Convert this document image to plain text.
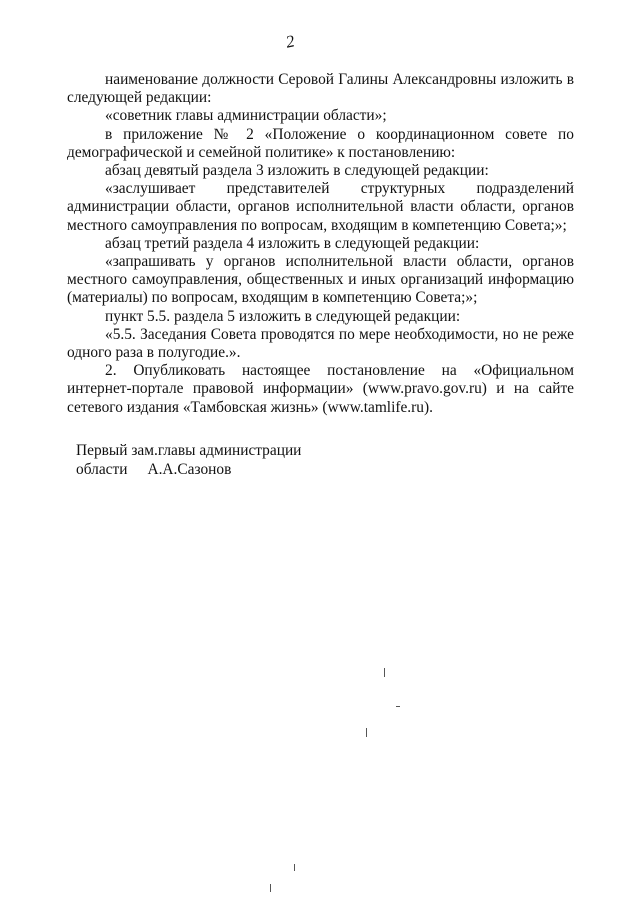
2

наименование должности Серовой Галины Александровны изложить в следующей редакции:

«советник главы администрации области»;

в приложение № 2 «Положение о координационном совете по демографической и семейной политике» к постановлению:

абзац девятый раздела 3 изложить в следующей редакции:

«заслушивает представителей структурных подразделений администрации области, органов исполнительной власти области, органов местного самоуправления по вопросам, входящим в компетенцию Совета;»;

абзац третий раздела 4 изложить в следующей редакции:

«запрашивать у органов исполнительной власти области, органов местного самоуправления, общественных и иных организаций информацию (материалы) по вопросам, входящим в компетенцию Совета;»;

пункт 5.5. раздела 5 изложить в следующей редакции:

«5.5. Заседания Совета проводятся по мере необходимости, но не реже одного раза в полугодие.».

2. Опубликовать настоящее постановление на «Официальном интернет-портале правовой информации» (www.pravo.gov.ru) и на сайте сетевого издания «Тамбовская жизнь» (www.tamlife.ru).

Первый зам.главы администрации
области А.А.Сазонов
